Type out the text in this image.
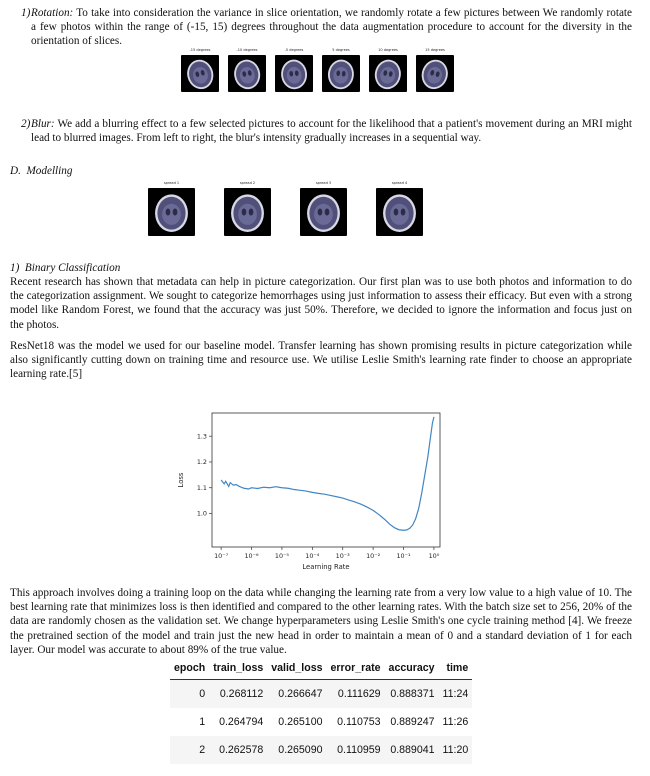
1) Rotation: To take into consideration the variance in slice orientation, we randomly rotate a few pictures between We randomly rotate a few photos within the range of (-15, 15) degrees throughout the data augmentation procedure to account for the diversity in the orientation of slices.
-15 degrees	-10 degrees	-5 degrees	5 degrees	10 degrees	15 degrees
2) Blur: We add a blurring effect to a few selected pictures to account for the likelihood that a patient's movement during an MRI might lead to blurred images. From left to right, the blur's intensity gradually increases in a sequential way.
D.  Modelling
spread 1	spread 2	spread 3	spread 4
1)  Binary Classification
Recent research has shown that metadata can help in picture categorization. Our first plan was to use both photos and information to do the categorization assignment. We sought to categorize hemorrhages using just information to assess their efficacy. But even with a strong model like Random Forest, we found that the accuracy was just 50%. Therefore, we decided to ignore the information and focus just on the photos.
ResNet18 was the model we used for our baseline model. Transfer learning has shown promising results in picture categorization while also significantly cutting down on training time and resource use. We utilise Leslie Smith's learning rate finder to choose an appropriate learning rate.[5]
10⁻⁷	10⁻⁶	10⁻⁵	10⁻⁴	10⁻³	10⁻²	10⁻¹	10⁰
1.0
1.1
1.2
1.3
Learning Rate
Loss
This approach involves doing a training loop on the data while changing the learning rate from a very low value to a high value of 10. The best learning rate that minimizes loss is then identified and compared to the other learning rates. With the batch size set to 256, 20% of the data are randomly chosen as the validation set. We change hyperparameters using Leslie Smith's one cycle training method [4]. We freeze the pretrained section of the model and train just the new head in order to maintain a mean of 0 and a standard deviation of 1 for each layer. Our model was accurate to about 89% of the true value.
epoch	train_loss	valid_loss	error_rate	accuracy	time
0	0.268112	0.266647	0.111629	0.888371	11:24
1	0.264794	0.265100	0.110753	0.889247	11:26
2	0.262578	0.265090	0.110959	0.889041	11:20
